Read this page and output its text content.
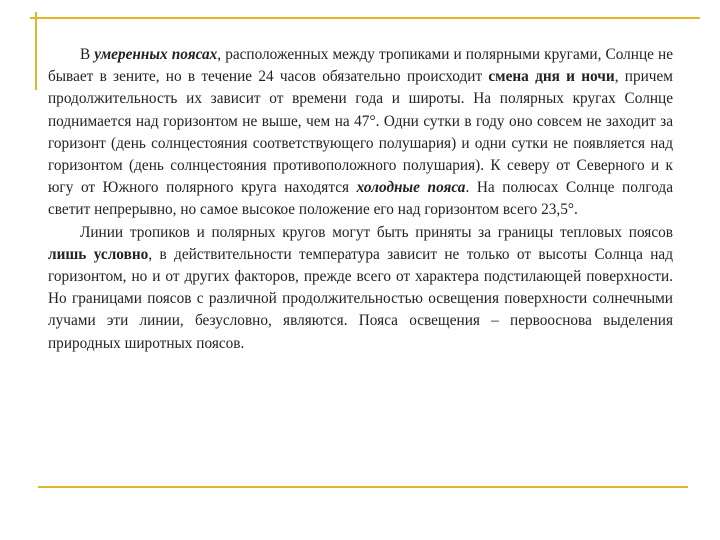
В умеренных поясах, расположенных между тропиками и полярными кругами, Солнце не бывает в зените, но в течение 24 часов обязательно происходит смена дня и ночи, причем продолжительность их зависит от времени года и широты. На полярных кругах Солнце поднимается над горизонтом не выше, чем на 47°. Одни сутки в году оно совсем не заходит за горизонт (день солнцестояния соответствующего полушария) и одни сутки не появляется над горизонтом (день солнцестояния противоположного полушария). К северу от Северного и к югу от Южного полярного круга находятся холодные пояса. На полюсах Солнце полгода светит непрерывно, но самое высокое положение его над горизонтом всего 23,5°.

Линии тропиков и полярных кругов могут быть приняты за границы тепловых поясов лишь условно, в действительности температура зависит не только от высоты Солнца над горизонтом, но и от других факторов, прежде всего от характера подстилающей поверхности. Но границами поясов с различной продолжительностью освещения поверхности солнечными лучами эти линии, безусловно, являются. Пояса освещения – первооснова выделения природных широтных поясов.
